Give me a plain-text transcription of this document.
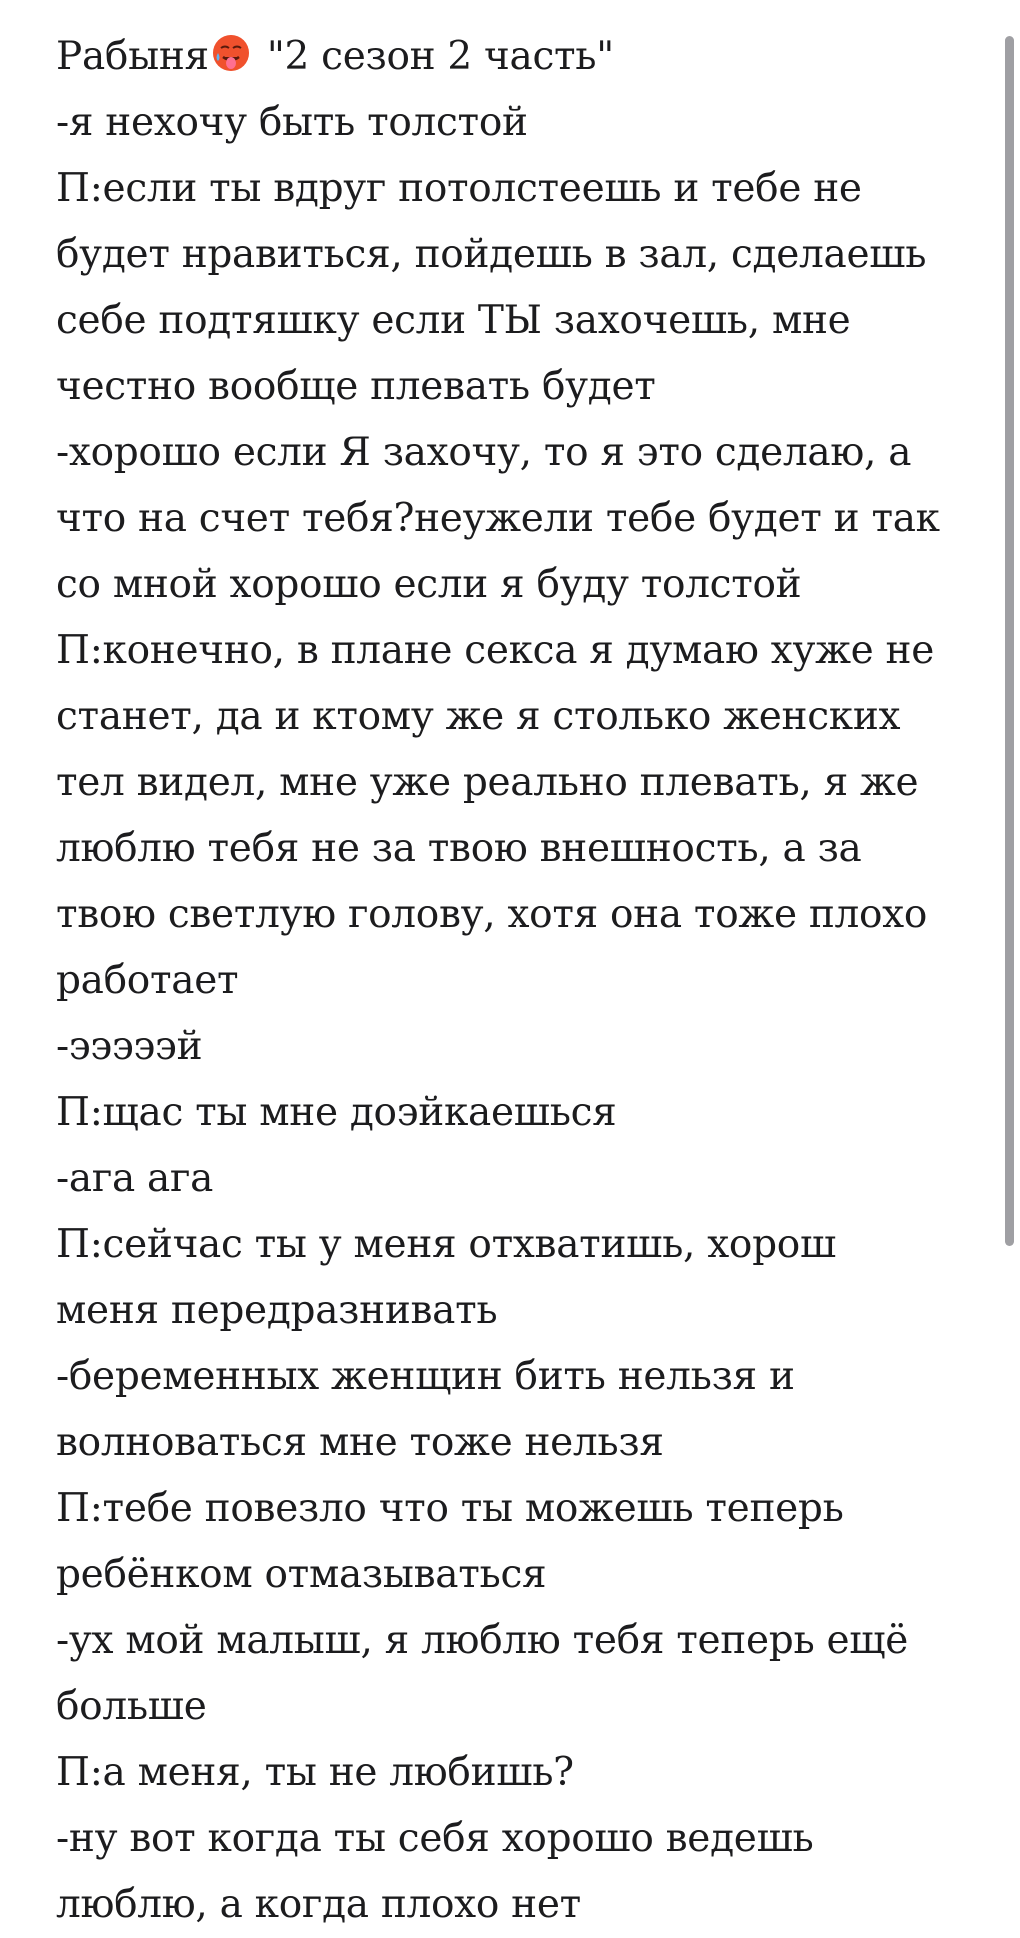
Рабыня "2 сезон 2 часть"
-я нехочу быть толстой
П:если ты вдруг потолстеешь и тебе не
будет нравиться, пойдешь в зал, сделаешь
себе подтяшку если ТЫ захочешь, мне
честно вообще плевать будет
-хорошо если Я захочу, то я это сделаю, а
что на счет тебя?неужели тебе будет и так
со мной хорошо если я буду толстой
П:конечно, в плане секса я думаю хуже не
станет, да и ктому же я столько женских
тел видел, мне уже реально плевать, я же
люблю тебя не за твою внешность, а за
твою светлую голову, хотя она тоже плохо
работает
-эээээй
П:щас ты мне доэйкаешься
-ага ага
П:сейчас ты у меня отхватишь, хорош
меня передразнивать
-беременных женщин бить нельзя и
волноваться мне тоже нельзя
П:тебе повезло что ты можешь теперь
ребёнком отмазываться
-ух мой малыш, я люблю тебя теперь ещё
больше
П:а меня, ты не любишь?
-ну вот когда ты себя хорошо ведешь
люблю, а когда плохо нет
